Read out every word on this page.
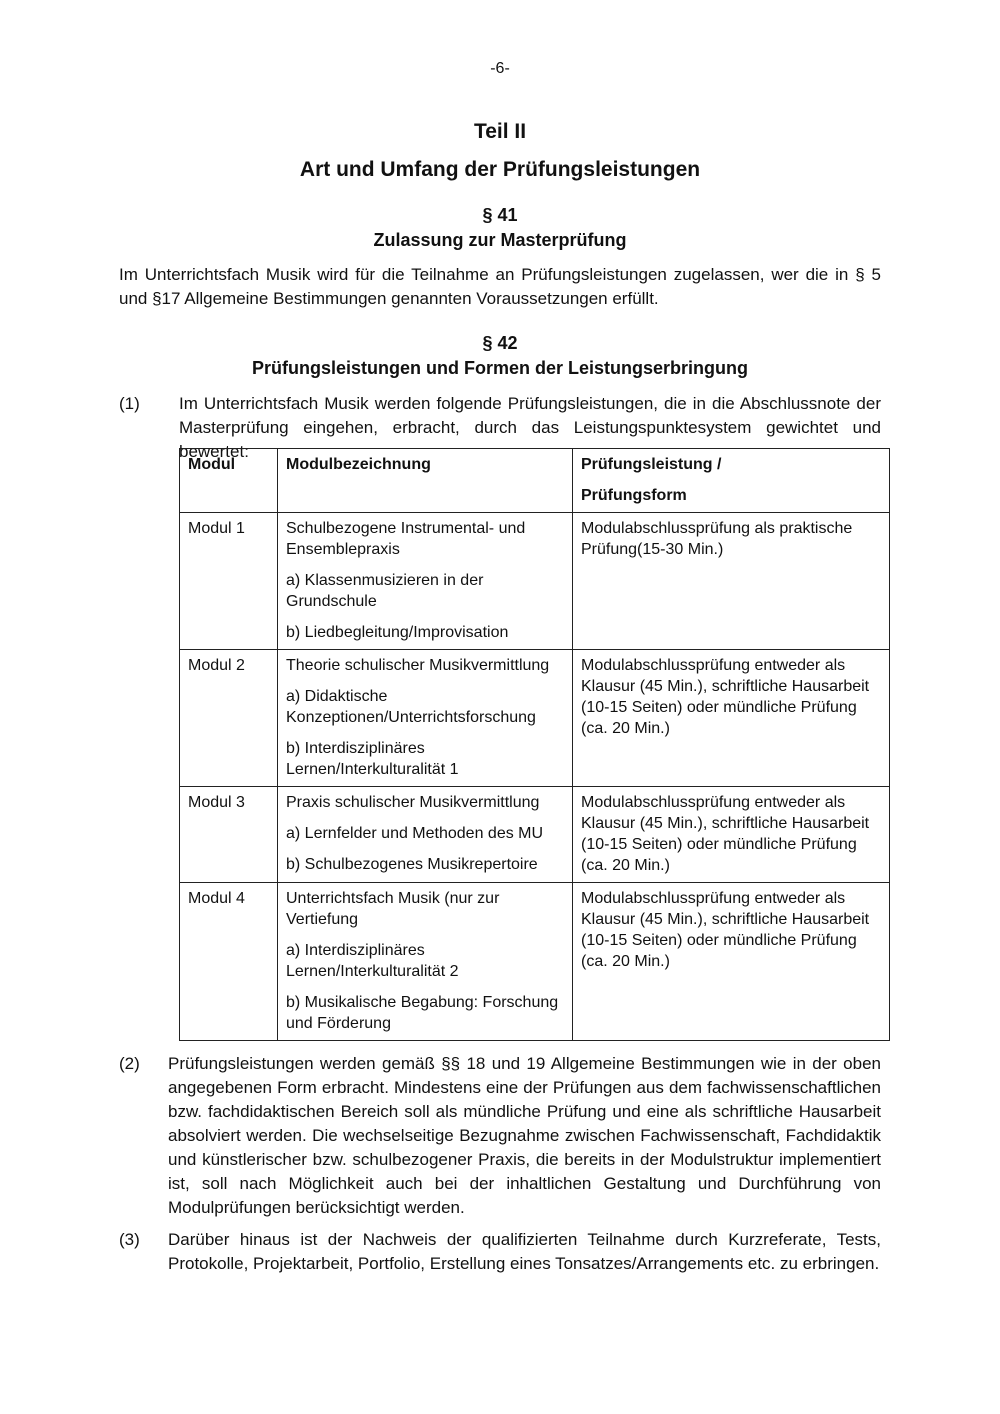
-6-
Teil II
Art und Umfang der Prüfungsleistungen
§ 41
Zulassung zur Masterprüfung
Im Unterrichtsfach Musik wird für die Teilnahme an Prüfungsleistungen zugelassen, wer die in § 5 und §17 Allgemeine Bestimmungen genannten Voraussetzungen erfüllt.
§ 42
Prüfungsleistungen und Formen der Leistungserbringung
(1) Im Unterrichtsfach Musik werden folgende Prüfungsleistungen, die in die Abschlussnote der Masterprüfung eingehen, erbracht, durch das Leistungspunktesystem gewichtet und bewertet:
Modul	Modulbezeichnung	Prüfungsleistung /
Prüfungsform

Modul 1	Schulbezogene Instrumental- und Ensemblepraxis
a) Klassenmusizieren in der Grundschule
b) Liedbegleitung/Improvisation	Modulabschlussprüfung als praktische Prüfung(15-30 Min.)
Modul 2	Theorie schulischer Musikvermittlung
a) Didaktische Konzeptionen/Unterrichtsforschung
b) Interdisziplinäres Lernen/Interkulturalität 1	Modulabschlussprüfung entweder als Klausur (45 Min.), schriftliche Hausarbeit (10-15 Seiten) oder mündliche Prüfung (ca. 20 Min.)
Modul 3	Praxis schulischer Musikvermittlung
a) Lernfelder und Methoden des MU
b) Schulbezogenes Musikrepertoire	Modulabschlussprüfung entweder als Klausur (45 Min.), schriftliche Hausarbeit (10-15 Seiten) oder mündliche Prüfung (ca. 20 Min.)
Modul 4	Unterrichtsfach Musik (nur zur Vertiefung
a) Interdisziplinäres Lernen/Interkulturalität 2
b) Musikalische Begabung: Forschung und Förderung	Modulabschlussprüfung entweder als Klausur (45 Min.), schriftliche Hausarbeit (10-15 Seiten) oder mündliche Prüfung (ca. 20 Min.)
(2) Prüfungsleistungen werden gemäß §§ 18 und 19 Allgemeine Bestimmungen wie in der oben angegebenen Form erbracht. Mindestens eine der Prüfungen aus dem fachwissenschaftlichen bzw. fachdidaktischen Bereich soll als mündliche Prüfung und eine als schriftliche Hausarbeit absolviert werden. Die wechselseitige Bezugnahme zwischen Fachwissenschaft, Fachdidaktik und künstlerischer bzw. schulbezogener Praxis, die bereits in der Modulstruktur implementiert ist, soll nach Möglichkeit auch bei der inhaltlichen Gestaltung und Durchführung von Modulprüfungen berücksichtigt werden.
(3) Darüber hinaus ist der Nachweis der qualifizierten Teilnahme durch Kurzreferate, Tests, Protokolle, Projektarbeit, Portfolio, Erstellung eines Tonsatzes/Arrangements etc. zu erbringen.
